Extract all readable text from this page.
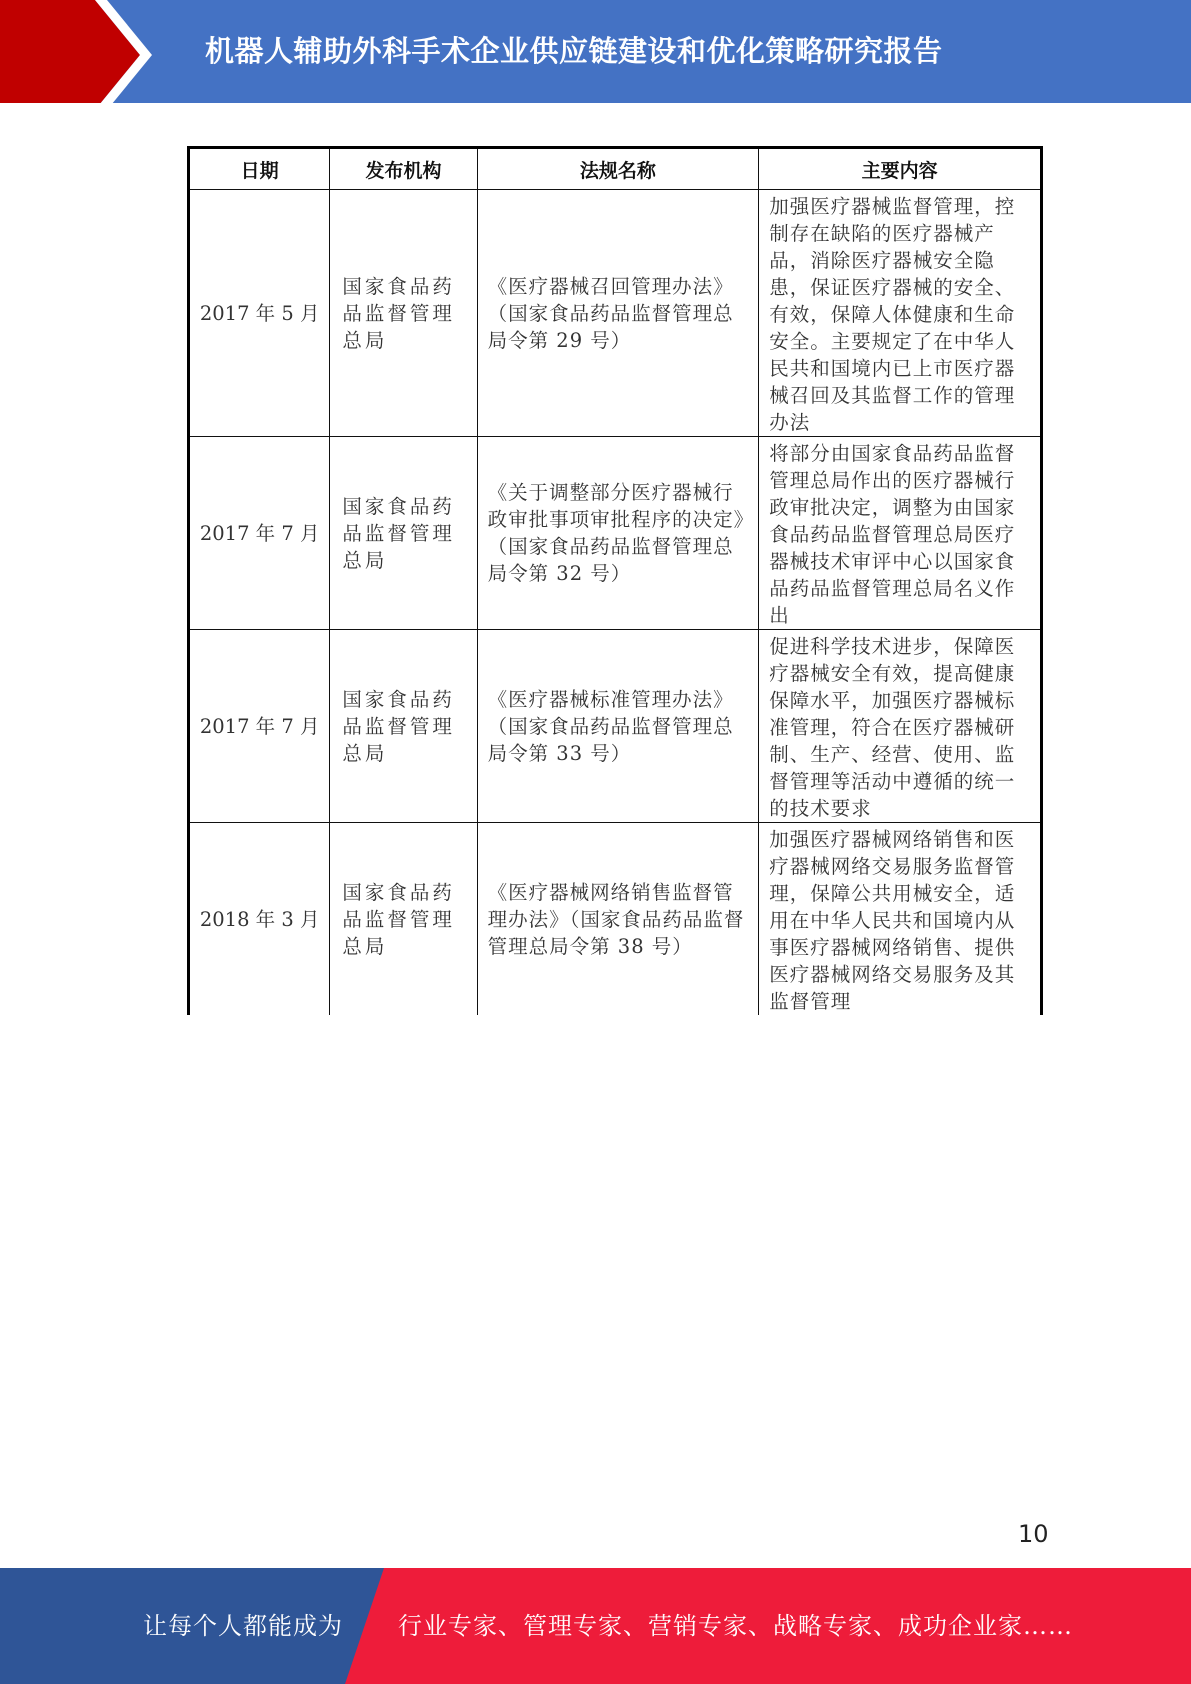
机器人辅助外科手术企业供应链建设和优化策略研究报告
日期	发布机构	法规名称	主要内容
2017 年 5 月	国家食品药品监督管理总局	《医疗器械召回管理办法》（国家食品药品监督管理总局令第 29 号）	加强医疗器械监督管理，控制存在缺陷的医疗器械产品，消除医疗器械安全隐患，保证医疗器械的安全、有效，保障人体健康和生命安全。主要规定了在中华人民共和国境内已上市医疗器械召回及其监督工作的管理办法
2017 年 7 月	国家食品药品监督管理总局	《关于调整部分医疗器械行政审批事项审批程序的决定》（国家食品药品监督管理总局令第 32 号）	将部分由国家食品药品监督管理总局作出的医疗器械行政审批决定，调整为由国家食品药品监督管理总局医疗器械技术审评中心以国家食品药品监督管理总局名义作出
2017 年 7 月	国家食品药品监督管理总局	《医疗器械标准管理办法》（国家食品药品监督管理总局令第 33 号）	促进科学技术进步，保障医疗器械安全有效，提高健康保障水平，加强医疗器械标准管理，符合在医疗器械研制、生产、经营、使用、监督管理等活动中遵循的统一的技术要求
2018 年 3 月	国家食品药品监督管理总局	《医疗器械网络销售监督管理办法》（国家食品药品监督管理总局令第 38 号）	加强医疗器械网络销售和医疗器械网络交易服务监督管理，保障公共用械安全，适用在中华人民共和国境内从事医疗器械网络销售、提供医疗器械网络交易服务及其监督管理
10
让每个人都能成为 行业专家、管理专家、营销专家、战略专家、成功企业家……
